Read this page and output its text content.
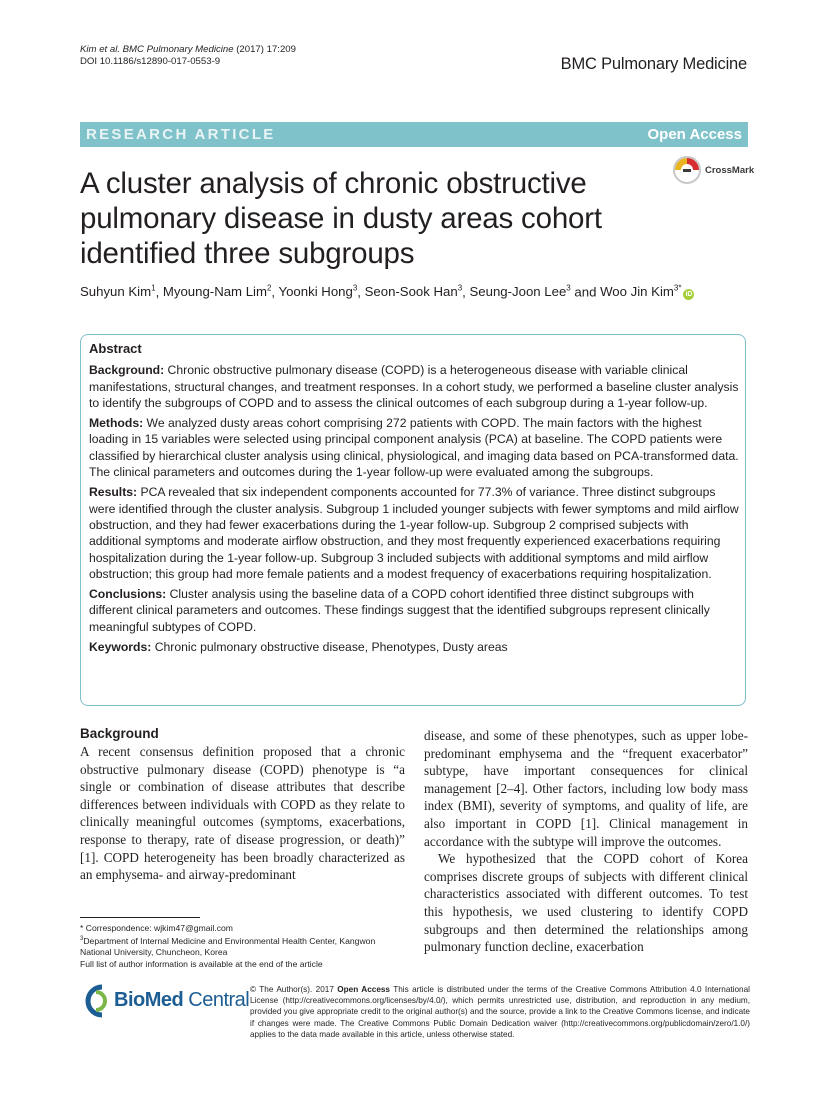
Kim et al. BMC Pulmonary Medicine (2017) 17:209
DOI 10.1186/s12890-017-0553-9	BMC Pulmonary Medicine
RESEARCH ARTICLE	Open Access
A cluster analysis of chronic obstructive pulmonary disease in dusty areas cohort identified three subgroups
CrossMark
Suhyun Kim$^1$, Myoung-Nam Lim$^2$, Yoonki Hong$^3$, Seon-Sook Han$^3$, Seung-Joon Lee$^3$ and Woo Jin Kim$^{3*}$iD
Abstract

Background: Chronic obstructive pulmonary disease (COPD) is a heterogeneous disease with variable clinical manifestations, structural changes, and treatment responses. In a cohort study, we performed a baseline cluster analysis to identify the subgroups of COPD and to assess the clinical outcomes of each subgroup during a 1-year follow-up.

Methods: We analyzed dusty areas cohort comprising 272 patients with COPD. The main factors with the highest loading in 15 variables were selected using principal component analysis (PCA) at baseline. The COPD patients were classified by hierarchical cluster analysis using clinical, physiological, and imaging data based on PCA-transformed data. The clinical parameters and outcomes during the 1-year follow-up were evaluated among the subgroups.

Results: PCA revealed that six independent components accounted for 77.3% of variance. Three distinct subgroups were identified through the cluster analysis. Subgroup 1 included younger subjects with fewer symptoms and mild airflow obstruction, and they had fewer exacerbations during the 1-year follow-up. Subgroup 2 comprised subjects with additional symptoms and moderate airflow obstruction, and they most frequently experienced exacerbations requiring hospitalization during the 1-year follow-up. Subgroup 3 included subjects with additional symptoms and mild airflow obstruction; this group had more female patients and a modest frequency of exacerbations requiring hospitalization.

Conclusions: Cluster analysis using the baseline data of a COPD cohort identified three distinct subgroups with different clinical parameters and outcomes. These findings suggest that the identified subgroups represent clinically meaningful subtypes of COPD.

Keywords: Chronic pulmonary obstructive disease, Phenotypes, Dusty areas

Background

A recent consensus definition proposed that a chronic obstructive pulmonary disease (COPD) phenotype is “a single or combination of disease attributes that describe differences between individuals with COPD as they relate to clinically meaningful outcomes (symptoms, exacerbations, response to therapy, rate of disease progression, or death)” [1]. COPD heterogeneity has been broadly characterized as an emphysema- and airway-predominant

disease, and some of these phenotypes, such as upper lobe-predominant emphysema and the “frequent exacerbator” subtype, have important consequences for clinical management [2–4]. Other factors, including low body mass index (BMI), severity of symptoms, and quality of life, are also important in COPD [1]. Clinical management in accordance with the subtype will improve the outcomes.

We hypothesized that the COPD cohort of Korea comprises discrete groups of subjects with different clinical characteristics associated with different outcomes. To test this hypothesis, we used clustering to identify COPD subgroups and then determined the relationships among pulmonary function decline, exacerbation

* Correspondence: wjkim47@gmail.com
$^3$Department of Internal Medicine and Environmental Health Center, Kangwon National University, Chuncheon, Korea
Full list of author information is available at the end of the article
BioMed Central © The Author(s). 2017 Open Access This article is distributed under the terms of the Creative Commons Attribution 4.0 International License (http://creativecommons.org/licenses/by/4.0/), which permits unrestricted use, distribution, and reproduction in any medium, provided you give appropriate credit to the original author(s) and the source, provide a link to the Creative Commons license, and indicate if changes were made. The Creative Commons Public Domain Dedication waiver (http://creativecommons.org/publicdomain/zero/1.0/) applies to the data made available in this article, unless otherwise stated.
